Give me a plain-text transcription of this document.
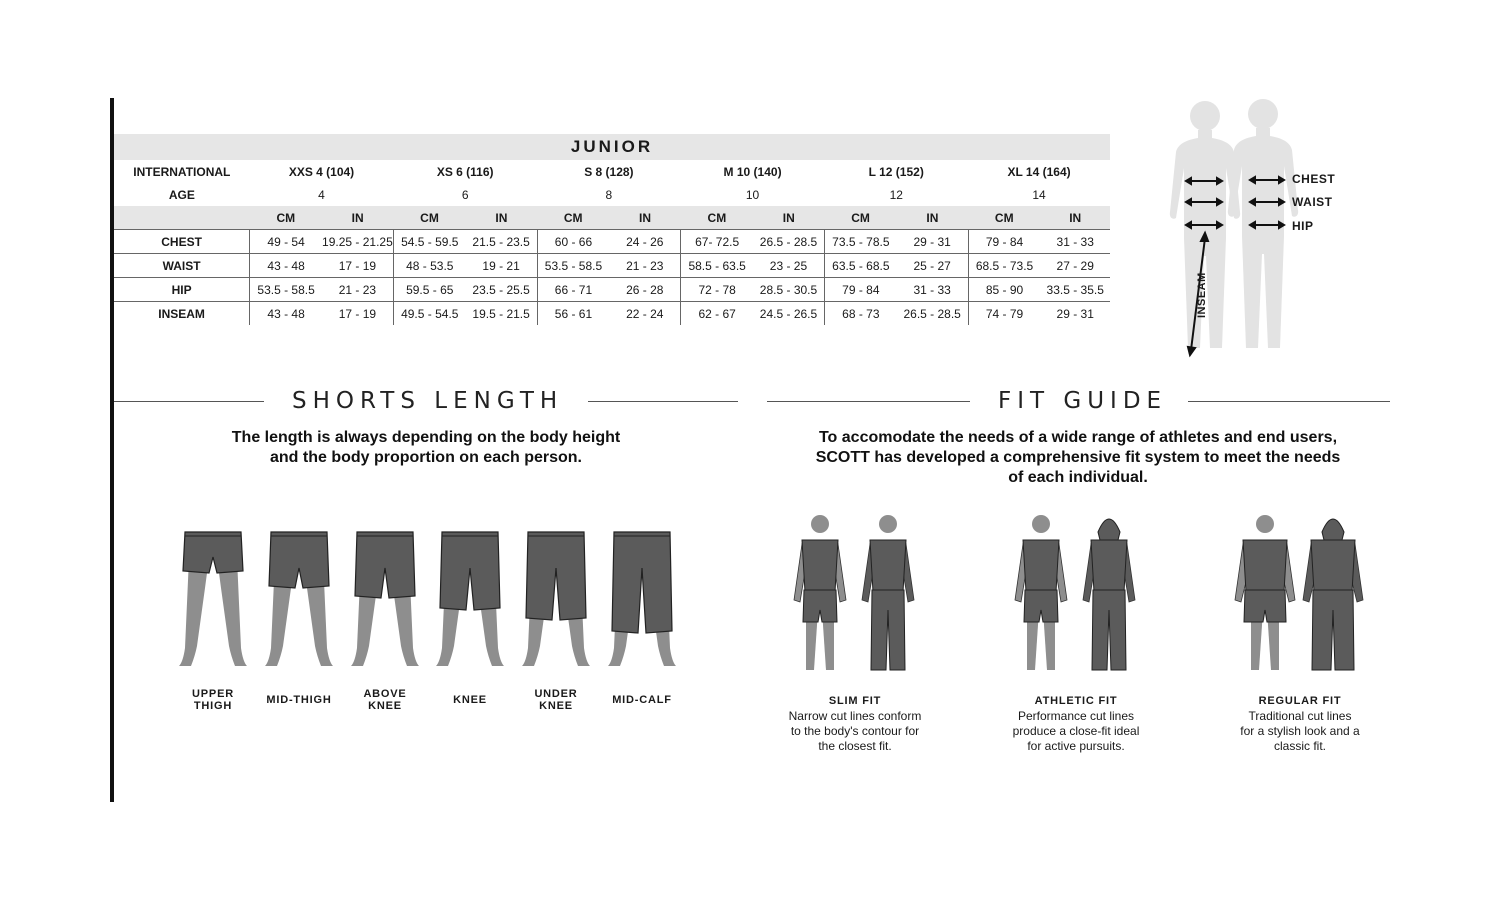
JUNIOR												
INTERNATIONAL	XXS 4 (104)		XS 6 (116)		S 8 (128)		M 10 (140)		L 12 (152)		XL 14 (164)	
AGE	4		6		8		10		12		14	
	CM	IN	CM	IN	CM	IN	CM	IN	CM	IN	CM	IN
CHEST	49 - 54	19.25 - 21.25	54.5 - 59.5	21.5 - 23.5	60 - 66	24 - 26	67- 72.5	26.5 - 28.5	73.5 - 78.5	29 - 31	79 - 84	31 - 33
WAIST	43 - 48	17 - 19	48 - 53.5	19 - 21	53.5 - 58.5	21 - 23	58.5 - 63.5	23 - 25	63.5 - 68.5	25 - 27	68.5 - 73.5	27 - 29
HIP	53.5 - 58.5	21 - 23	59.5 - 65	23.5 - 25.5	66 - 71	26 - 28	72 - 78	28.5 - 30.5	79 - 84	31 - 33	85 - 90	33.5 - 35.5
INSEAM	43 - 48	17 - 19	49.5 - 54.5	19.5 - 21.5	56 - 61	22 - 24	62 - 67	24.5 - 26.5	68 - 73	26.5 - 28.5	74 - 79	29 - 31
CHEST
WAIST
HIP
INSEAM
SHORTS LENGTH
The length is always depending on the body height
and the body proportion on each person.
UPPER
THIGH	MID-THIGH	ABOVE
KNEE	KNEE	UNDER
KNEE	MID-CALF
FIT GUIDE
To accomodate the needs of a wide range of athletes and end users,
SCOTT has developed a comprehensive fit system to meet the needs
of each individual.
SLIM FIT
Narrow cut lines conform
to the body's contour for
the closest fit.
ATHLETIC FIT
Performance cut lines
produce a close-fit ideal
for active pursuits.
REGULAR FIT
Traditional cut lines
for a stylish look and a
classic fit.
